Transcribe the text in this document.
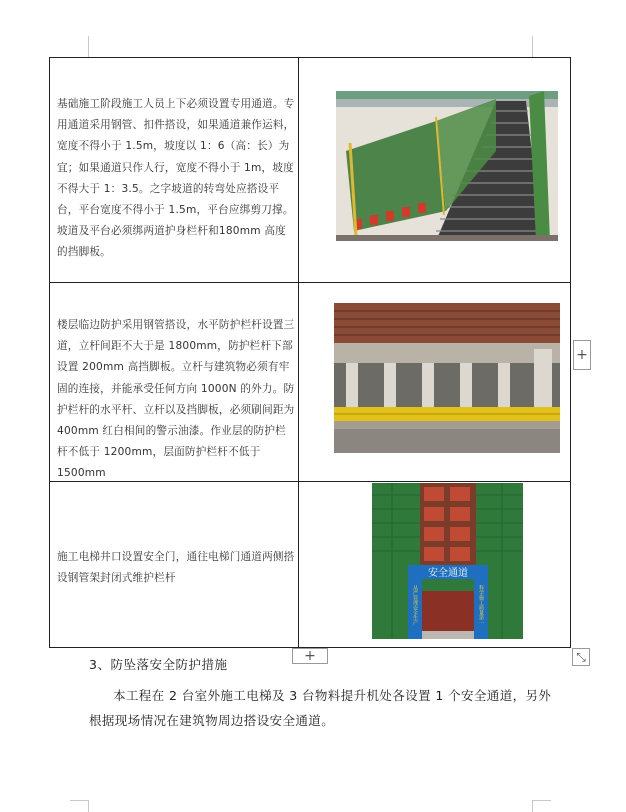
基础施工阶段施工人员上下必须设置专用通道。专用通道采用钢管、扣件搭设，如果通道兼作运料，宽度不得小于 1.5m，坡度以 1：6（高：长）为宜；如果通道只作人行，宽度不得小于 1m，坡度不得大于 1：3.5。之字坡道的转弯处应搭设平台，平台宽度不得小于 1.5m，平台应绑剪刀撑。坡道及平台必须绑两道护身栏杆和180mm 高度的挡脚板。

楼层临边防护采用钢管搭设，水平防护栏杆设置三道，立杆间距不大于是 1800mm，防护栏杆下部设置 200mm 高挡脚板。立杆与建筑物必须有牢固的连接，并能承受任何方向 1000N 的外力。防护栏杆的水平杆、立杆以及挡脚板，必须刷间距为 400mm 红白相间的警示油漆。作业层的防护栏杆不低于 1200mm，层面防护栏杆不低于 1500mm

施工电梯井口设置安全门，通往电梯门通道两侧搭设钢管架封闭式维护栏杆	安全通道
从严管理安全生产	科学施工质量第一
+
+	⤡
3、防坠落安全防护措施

本工程在 2 台室外施工电梯及 3 台物料提升机处各设置 1 个安全通道，另外

根据现场情况在建筑物周边搭设安全通道。
